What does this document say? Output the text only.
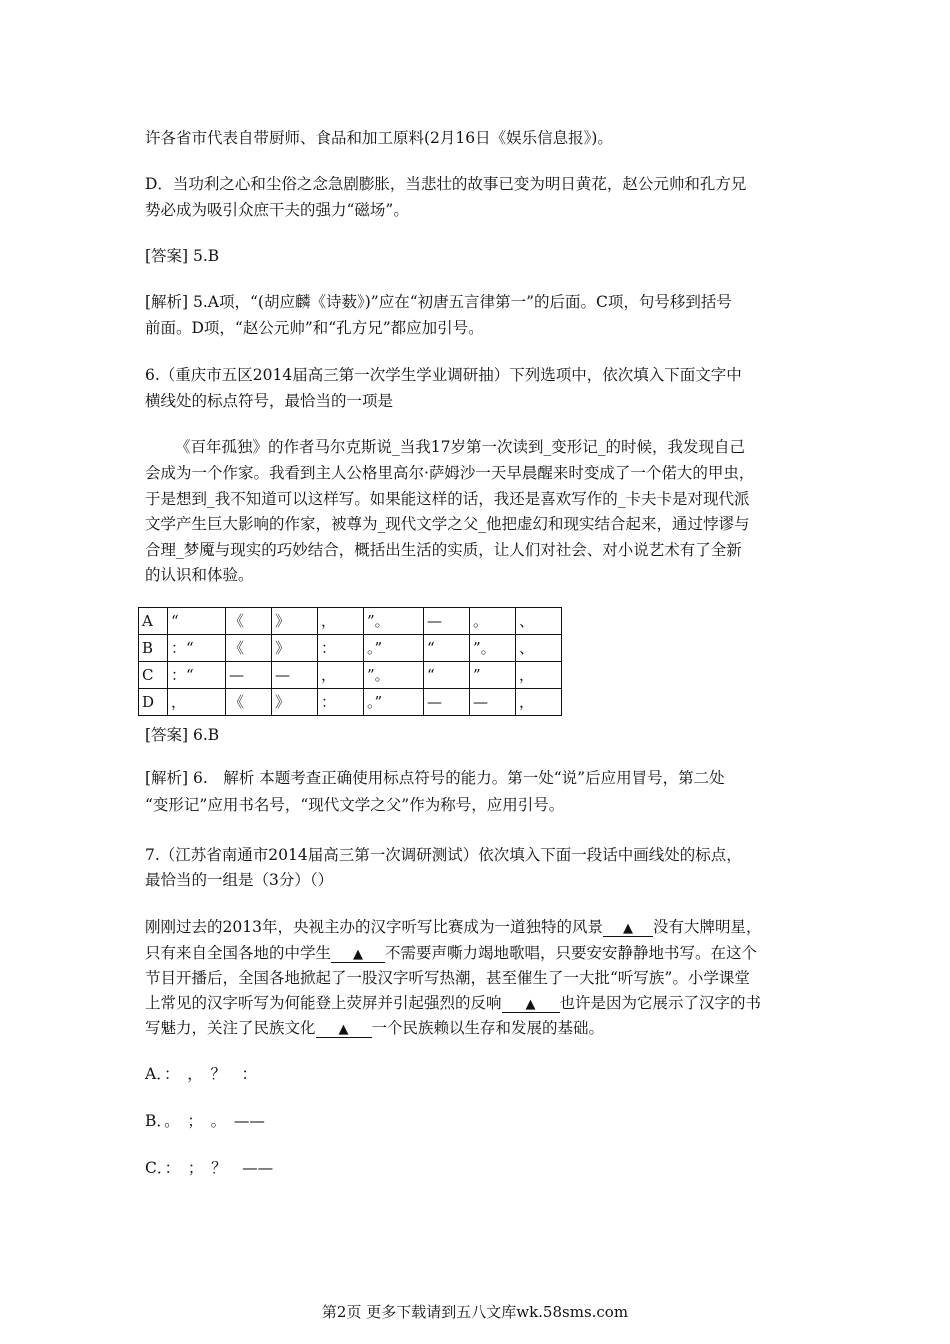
许各省市代表自带厨师、食品和加工原料(2月16日《娱乐信息报》)。
D．当功利之心和尘俗之念急剧膨胀，当悲壮的故事已变为明日黄花，赵公元帅和孔方兄
势必成为吸引众庶干夫的强力“磁场”。
[答案] 5.B
[解析] 5.A项，“(胡应麟《诗薮》)”应在“初唐五言律第一”的后面。C项，句号移到括号
前面。D项，“赵公元帅”和“孔方兄”都应加引号。
6.（重庆市五区2014届高三第一次学生学业调研抽）下列选项中，依次填入下面文字中
横线处的标点符号，最恰当的一项是
《百年孤独》的作者马尔克斯说_当我17岁第一次读到_变形记_的时候，我发现自己
会成为一个作家。我看到主人公格里高尔·萨姆沙一天早晨醒来时变成了一个偌大的甲虫，
于是想到_我不知道可以这样写。如果能这样的话，我还是喜欢写作的_卡夫卡是对现代派
文学产生巨大影响的作家，被尊为_现代文学之父_他把虚幻和现实结合起来，通过悖谬与
合理_梦魇与现实的巧妙结合，概括出生活的实质，让人们对社会、对小说艺术有了全新
的认识和体验。
A	“	《	》	，	”。	—	。	、
B	：“	《	》	：	。”	“	”。	、
C	：“	—	—	，	”。	“	”	，
D	，	《	》	：	。”	—	—	，
[答案] 6.B
[解析] 6.　解析 本题考查正确使用标点符号的能力。第一处“说”后应用冒号，第二处
“变形记”应用书名号，“现代文学之父”作为称号，应用引号。
7.（江苏省南通市2014届高三第一次调研测试）依次填入下面一段话中画线处的标点，
最恰当的一组是（3分）（）
刚刚过去的2013年，央视主办的汉字听写比赛成为一道独特的风景 ▲ 没有大牌明星，
只有来自全国各地的中学生 ▲ 不需要声嘶力竭地歌唱，只要安安静静地书写。在这个
节目开播后，全国各地掀起了一股汉字听写热潮，甚至催生了一大批“听写族”。小学课堂
上常见的汉字听写为何能登上荧屏并引起强烈的反响 ▲ 也许是因为它展示了汉字的书
写魅力，关注了民族文化 ▲ 一个民族赖以生存和发展的基础。
A．：　，　？　：
B．。　；　。　——
C．：　；　？　——
第2页 更多下载请到五八文库wk.58sms.com
